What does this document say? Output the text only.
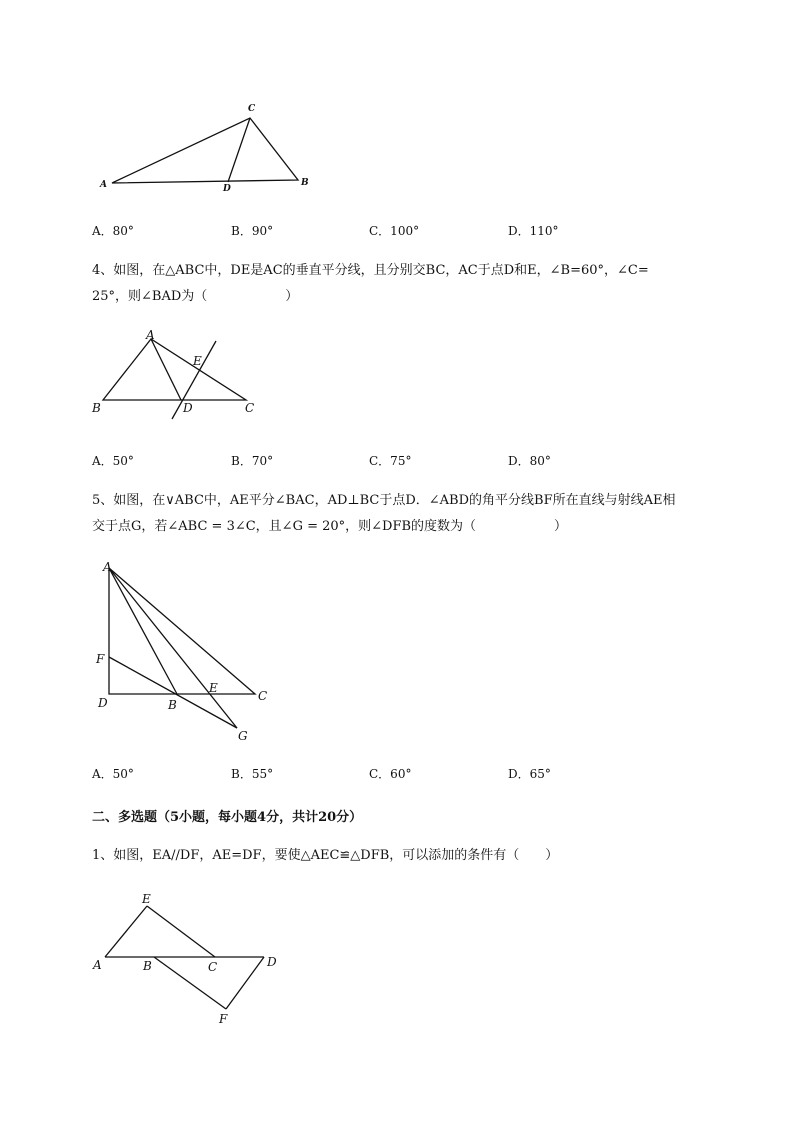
A
C
B
D
A．80°	B．90°	C．100°	D．110°
4、如图，在△ABC中，DE是AC的垂直平分线，且分别交BC，AC于点D和E，∠B=60°，∠C=
25°，则∠BAD为（　　　　　　）
A
B	D	C
E
A．50°	B．70°	C．75°	D．80°
5、如图，在∨ABC中，AE平分∠BAC，AD⊥BC于点D．∠ABD的角平分线BF所在直线与射线AE相
交于点G，若∠ABC = 3∠C，且∠G = 20°，则∠DFB的度数为（　　　　　　）
A
F
D	B
E
C
G
A．50°	B．55°	C．60°	D．65°
二、多选题（5小题，每小题4分，共计20分）
1、如图，EA//DF，AE=DF，要使△AEC≌△DFB，可以添加的条件有（　　）
E
A	B	C	D
F
